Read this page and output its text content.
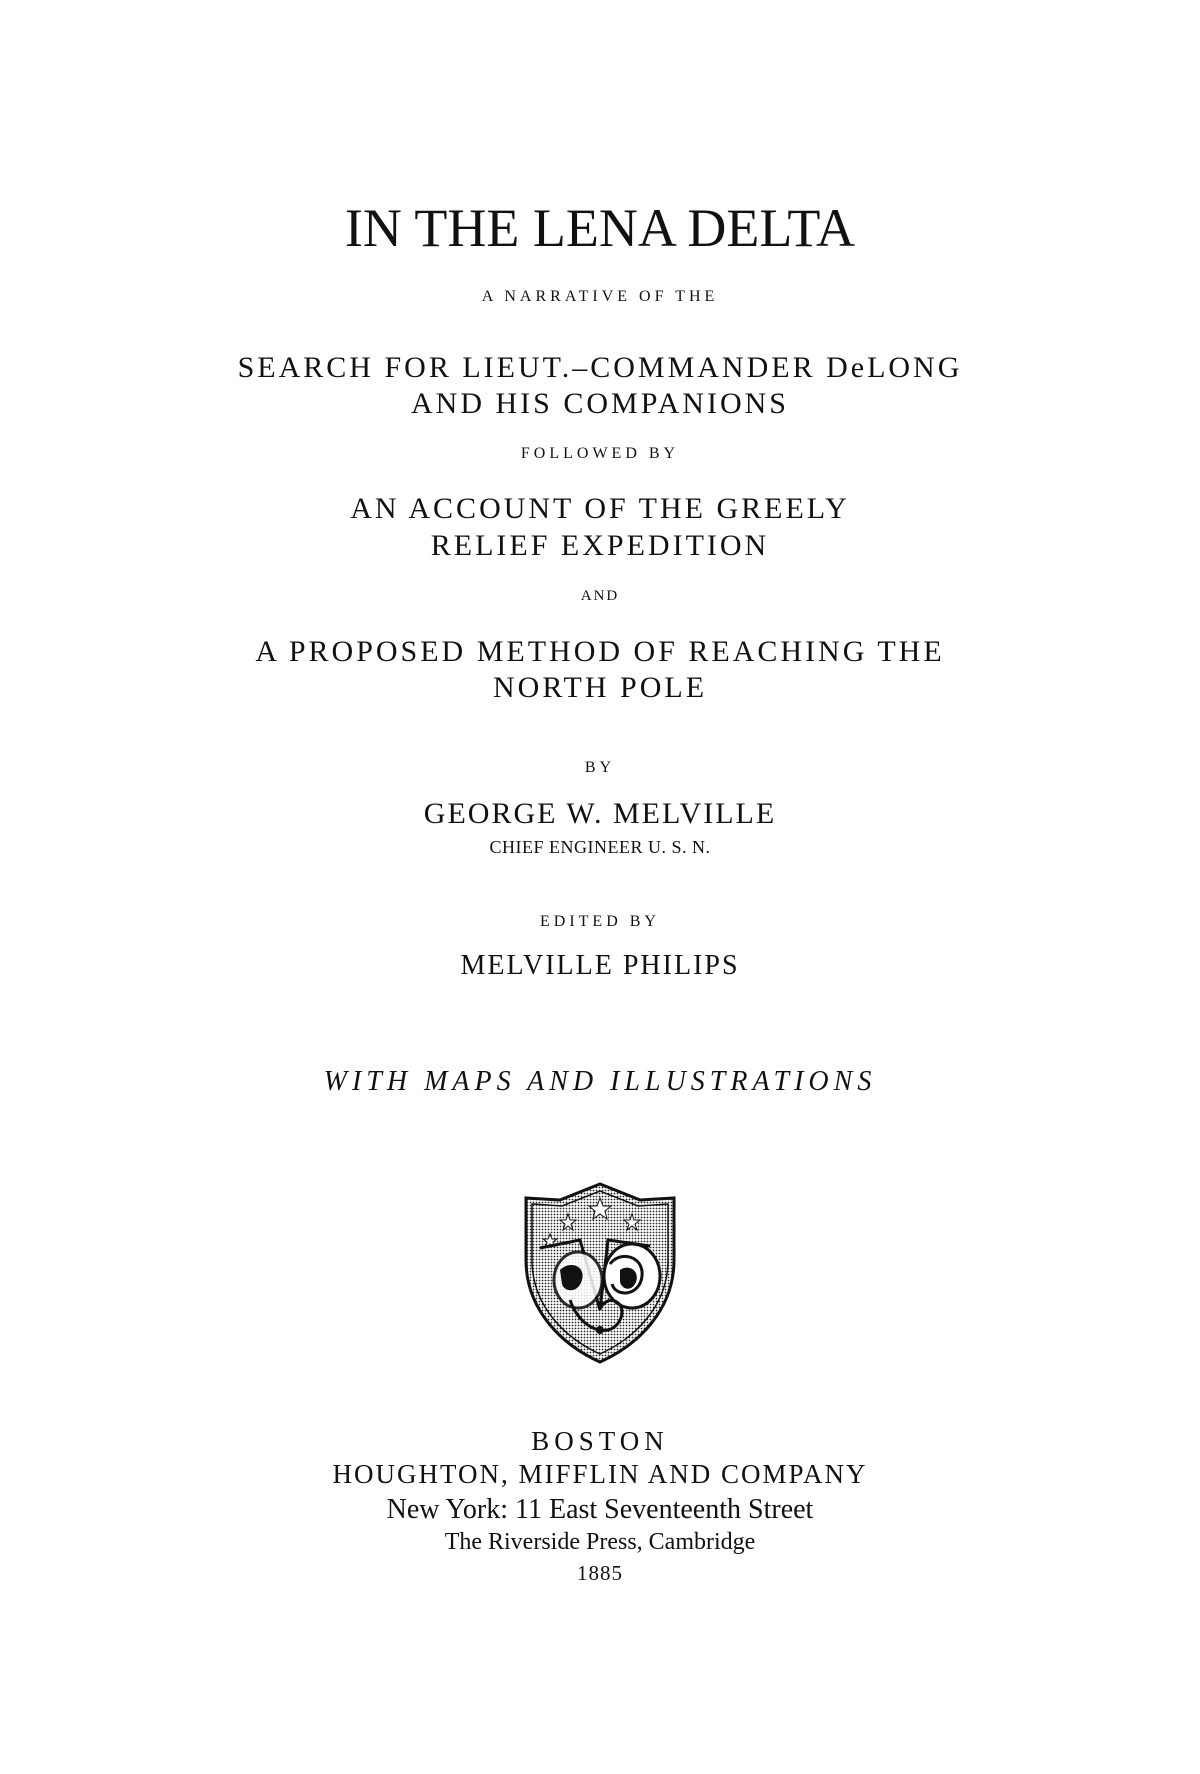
IN THE LENA DELTA
A NARRATIVE OF THE
SEARCH FOR LIEUT.–COMMANDER DeLONG
AND HIS COMPANIONS
FOLLOWED BY
AN ACCOUNT OF THE GREELY
RELIEF EXPEDITION
AND
A PROPOSED METHOD OF REACHING THE
NORTH POLE
BY
GEORGE W. MELVILLE
CHIEF ENGINEER U. S. N.
EDITED BY
MELVILLE PHILIPS
WITH MAPS AND ILLUSTRATIONS
BOSTON
HOUGHTON, MIFFLIN AND COMPANY
New York: 11 East Seventeenth Street
The Riverside Press, Cambridge
1885
